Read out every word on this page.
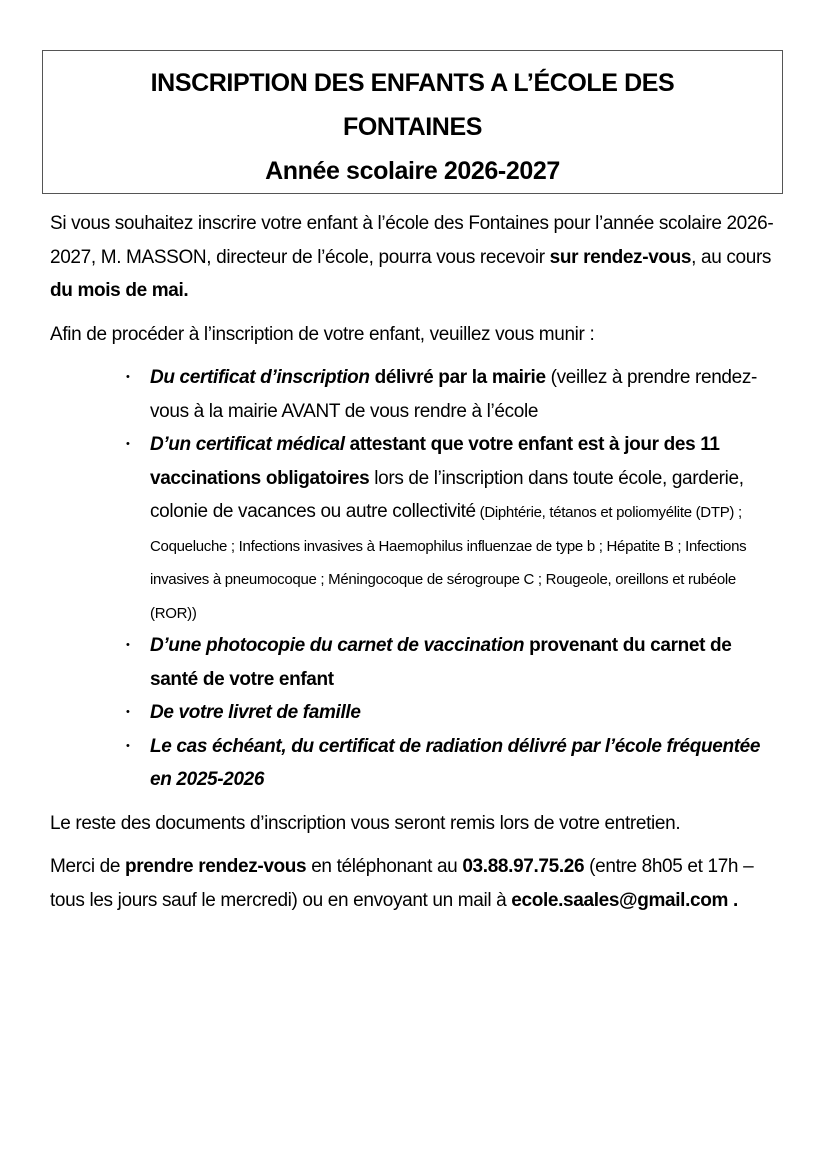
INSCRIPTION DES ENFANTS A L’ÉCOLE DES
FONTAINES
Année scolaire 2026-2027

Si vous souhaitez inscrire votre enfant à l’école des Fontaines pour l’année scolaire 2026-2027, M. MASSON, directeur de l’école, pourra vous recevoir sur rendez-vous, au cours du mois de mai.

Afin de procéder à l’inscription de votre enfant, veuillez vous munir :

• Du certificat d’inscription délivré par la mairie (veillez à prendre rendez-vous à la mairie AVANT de vous rendre à l’école
• D’un certificat médical attestant que votre enfant est à jour des 11 vaccinations obligatoires lors de l’inscription dans toute école, garderie, colonie de vacances ou autre collectivité (Diphtérie, tétanos et poliomyélite (DTP) ; Coqueluche ; Infections invasives à Haemophilus influenzae de type b ; Hépatite B ; Infections invasives à pneumocoque ; Méningocoque de sérogroupe C ; Rougeole, oreillons et rubéole (ROR))
• D’une photocopie du carnet de vaccination provenant du carnet de santé de votre enfant
• De votre livret de famille
• Le cas échéant, du certificat de radiation délivré par l’école fréquentée en 2025-2026

Le reste des documents d’inscription vous seront remis lors de votre entretien.

Merci de prendre rendez-vous en téléphonant au 03.88.97.75.26 (entre 8h05 et 17h – tous les jours sauf le mercredi) ou en envoyant un mail à ecole.saales@gmail.com .
